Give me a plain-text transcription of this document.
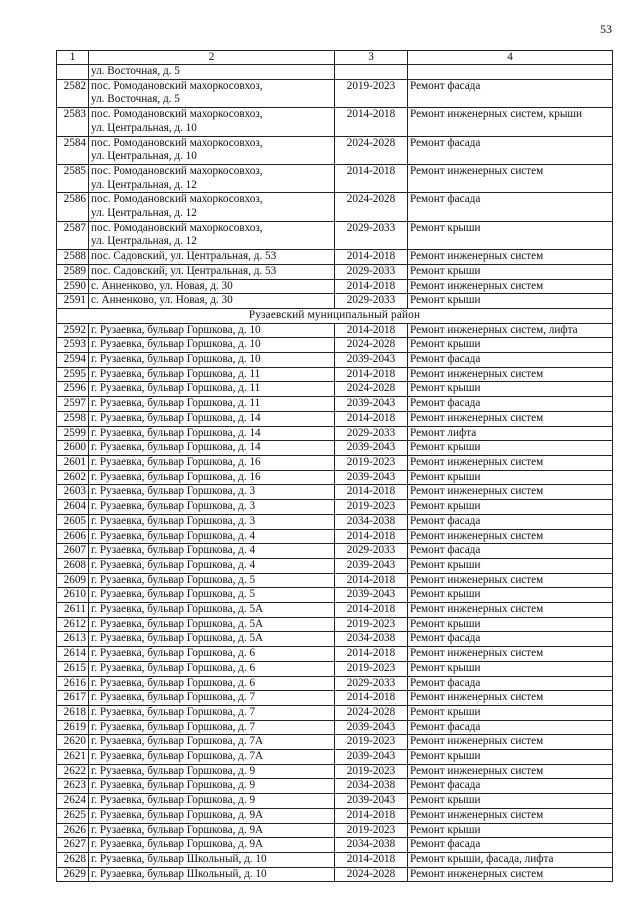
53
1	2	3	4
	ул. Восточная, д. 5		
2582	пос. Ромодановский махоркосовхоз,
ул. Восточная, д. 5	2019-2023	Ремонт фасада
2583	пос. Ромодановский махоркосовхоз,
ул. Центральная, д. 10	2014-2018	Ремонт инженерных систем, крыши
2584	пос. Ромодановский махоркосовхоз,
ул. Центральная, д. 10	2024-2028	Ремонт фасада
2585	пос. Ромодановский махоркосовхоз,
ул. Центральная, д. 12	2014-2018	Ремонт инженерных систем
2586	пос. Ромодановский махоркосовхоз,
ул. Центральная, д. 12	2024-2028	Ремонт фасада
2587	пос. Ромодановский махоркосовхоз,
ул. Центральная, д. 12	2029-2033	Ремонт крыши
2588	пос. Садовский, ул. Центральная, д. 53	2014-2018	Ремонт инженерных систем
2589	пос. Садовский, ул. Центральная, д. 53	2029-2033	Ремонт крыши
2590	с. Анненково, ул. Новая, д. 30	2014-2018	Ремонт инженерных систем
2591	с. Анненково, ул. Новая, д. 30	2029-2033	Ремонт крыши
Рузаевский муниципальный район			
2592	г. Рузаевка, бульвар Горшкова, д. 10	2014-2018	Ремонт инженерных систем, лифта
2593	г. Рузаевка, бульвар Горшкова, д. 10	2024-2028	Ремонт крыши
2594	г. Рузаевка, бульвар Горшкова, д. 10	2039-2043	Ремонт фасада
2595	г. Рузаевка, бульвар Горшкова, д. 11	2014-2018	Ремонт инженерных систем
2596	г. Рузаевка, бульвар Горшкова, д. 11	2024-2028	Ремонт крыши
2597	г. Рузаевка, бульвар Горшкова, д. 11	2039-2043	Ремонт фасада
2598	г. Рузаевка, бульвар Горшкова, д. 14	2014-2018	Ремонт инженерных систем
2599	г. Рузаевка, бульвар Горшкова, д. 14	2029-2033	Ремонт лифта
2600	г. Рузаевка, бульвар Горшкова, д. 14	2039-2043	Ремонт крыши
2601	г. Рузаевка, бульвар Горшкова, д. 16	2019-2023	Ремонт инженерных систем
2602	г. Рузаевка, бульвар Горшкова, д. 16	2039-2043	Ремонт крыши
2603	г. Рузаевка, бульвар Горшкова, д. 3	2014-2018	Ремонт инженерных систем
2604	г. Рузаевка, бульвар Горшкова, д. 3	2019-2023	Ремонт крыши
2605	г. Рузаевка, бульвар Горшкова, д. 3	2034-2038	Ремонт фасада
2606	г. Рузаевка, бульвар Горшкова, д. 4	2014-2018	Ремонт инженерных систем
2607	г. Рузаевка, бульвар Горшкова, д. 4	2029-2033	Ремонт фасада
2608	г. Рузаевка, бульвар Горшкова, д. 4	2039-2043	Ремонт крыши
2609	г. Рузаевка, бульвар Горшкова, д. 5	2014-2018	Ремонт инженерных систем
2610	г. Рузаевка, бульвар Горшкова, д. 5	2039-2043	Ремонт крыши
2611	г. Рузаевка, бульвар Горшкова, д. 5А	2014-2018	Ремонт инженерных систем
2612	г. Рузаевка, бульвар Горшкова, д. 5А	2019-2023	Ремонт крыши
2613	г. Рузаевка, бульвар Горшкова, д. 5А	2034-2038	Ремонт фасада
2614	г. Рузаевка, бульвар Горшкова, д. 6	2014-2018	Ремонт инженерных систем
2615	г. Рузаевка, бульвар Горшкова, д. 6	2019-2023	Ремонт крыши
2616	г. Рузаевка, бульвар Горшкова, д. 6	2029-2033	Ремонт фасада
2617	г. Рузаевка, бульвар Горшкова, д. 7	2014-2018	Ремонт инженерных систем
2618	г. Рузаевка, бульвар Горшкова, д. 7	2024-2028	Ремонт крыши
2619	г. Рузаевка, бульвар Горшкова, д. 7	2039-2043	Ремонт фасада
2620	г. Рузаевка, бульвар Горшкова, д. 7А	2019-2023	Ремонт инженерных систем
2621	г. Рузаевка, бульвар Горшкова, д. 7А	2039-2043	Ремонт крыши
2622	г. Рузаевка, бульвар Горшкова, д. 9	2019-2023	Ремонт инженерных систем
2623	г. Рузаевка, бульвар Горшкова, д. 9	2034-2038	Ремонт фасада
2624	г. Рузаевка, бульвар Горшкова, д. 9	2039-2043	Ремонт крыши
2625	г. Рузаевка, бульвар Горшкова, д. 9А	2014-2018	Ремонт инженерных систем
2626	г. Рузаевка, бульвар Горшкова, д. 9А	2019-2023	Ремонт крыши
2627	г. Рузаевка, бульвар Горшкова, д. 9А	2034-2038	Ремонт фасада
2628	г. Рузаевка, бульвар Школьный, д. 10	2014-2018	Ремонт крыши, фасада, лифта
2629	г. Рузаевка, бульвар Школьный, д. 10	2024-2028	Ремонт инженерных систем
